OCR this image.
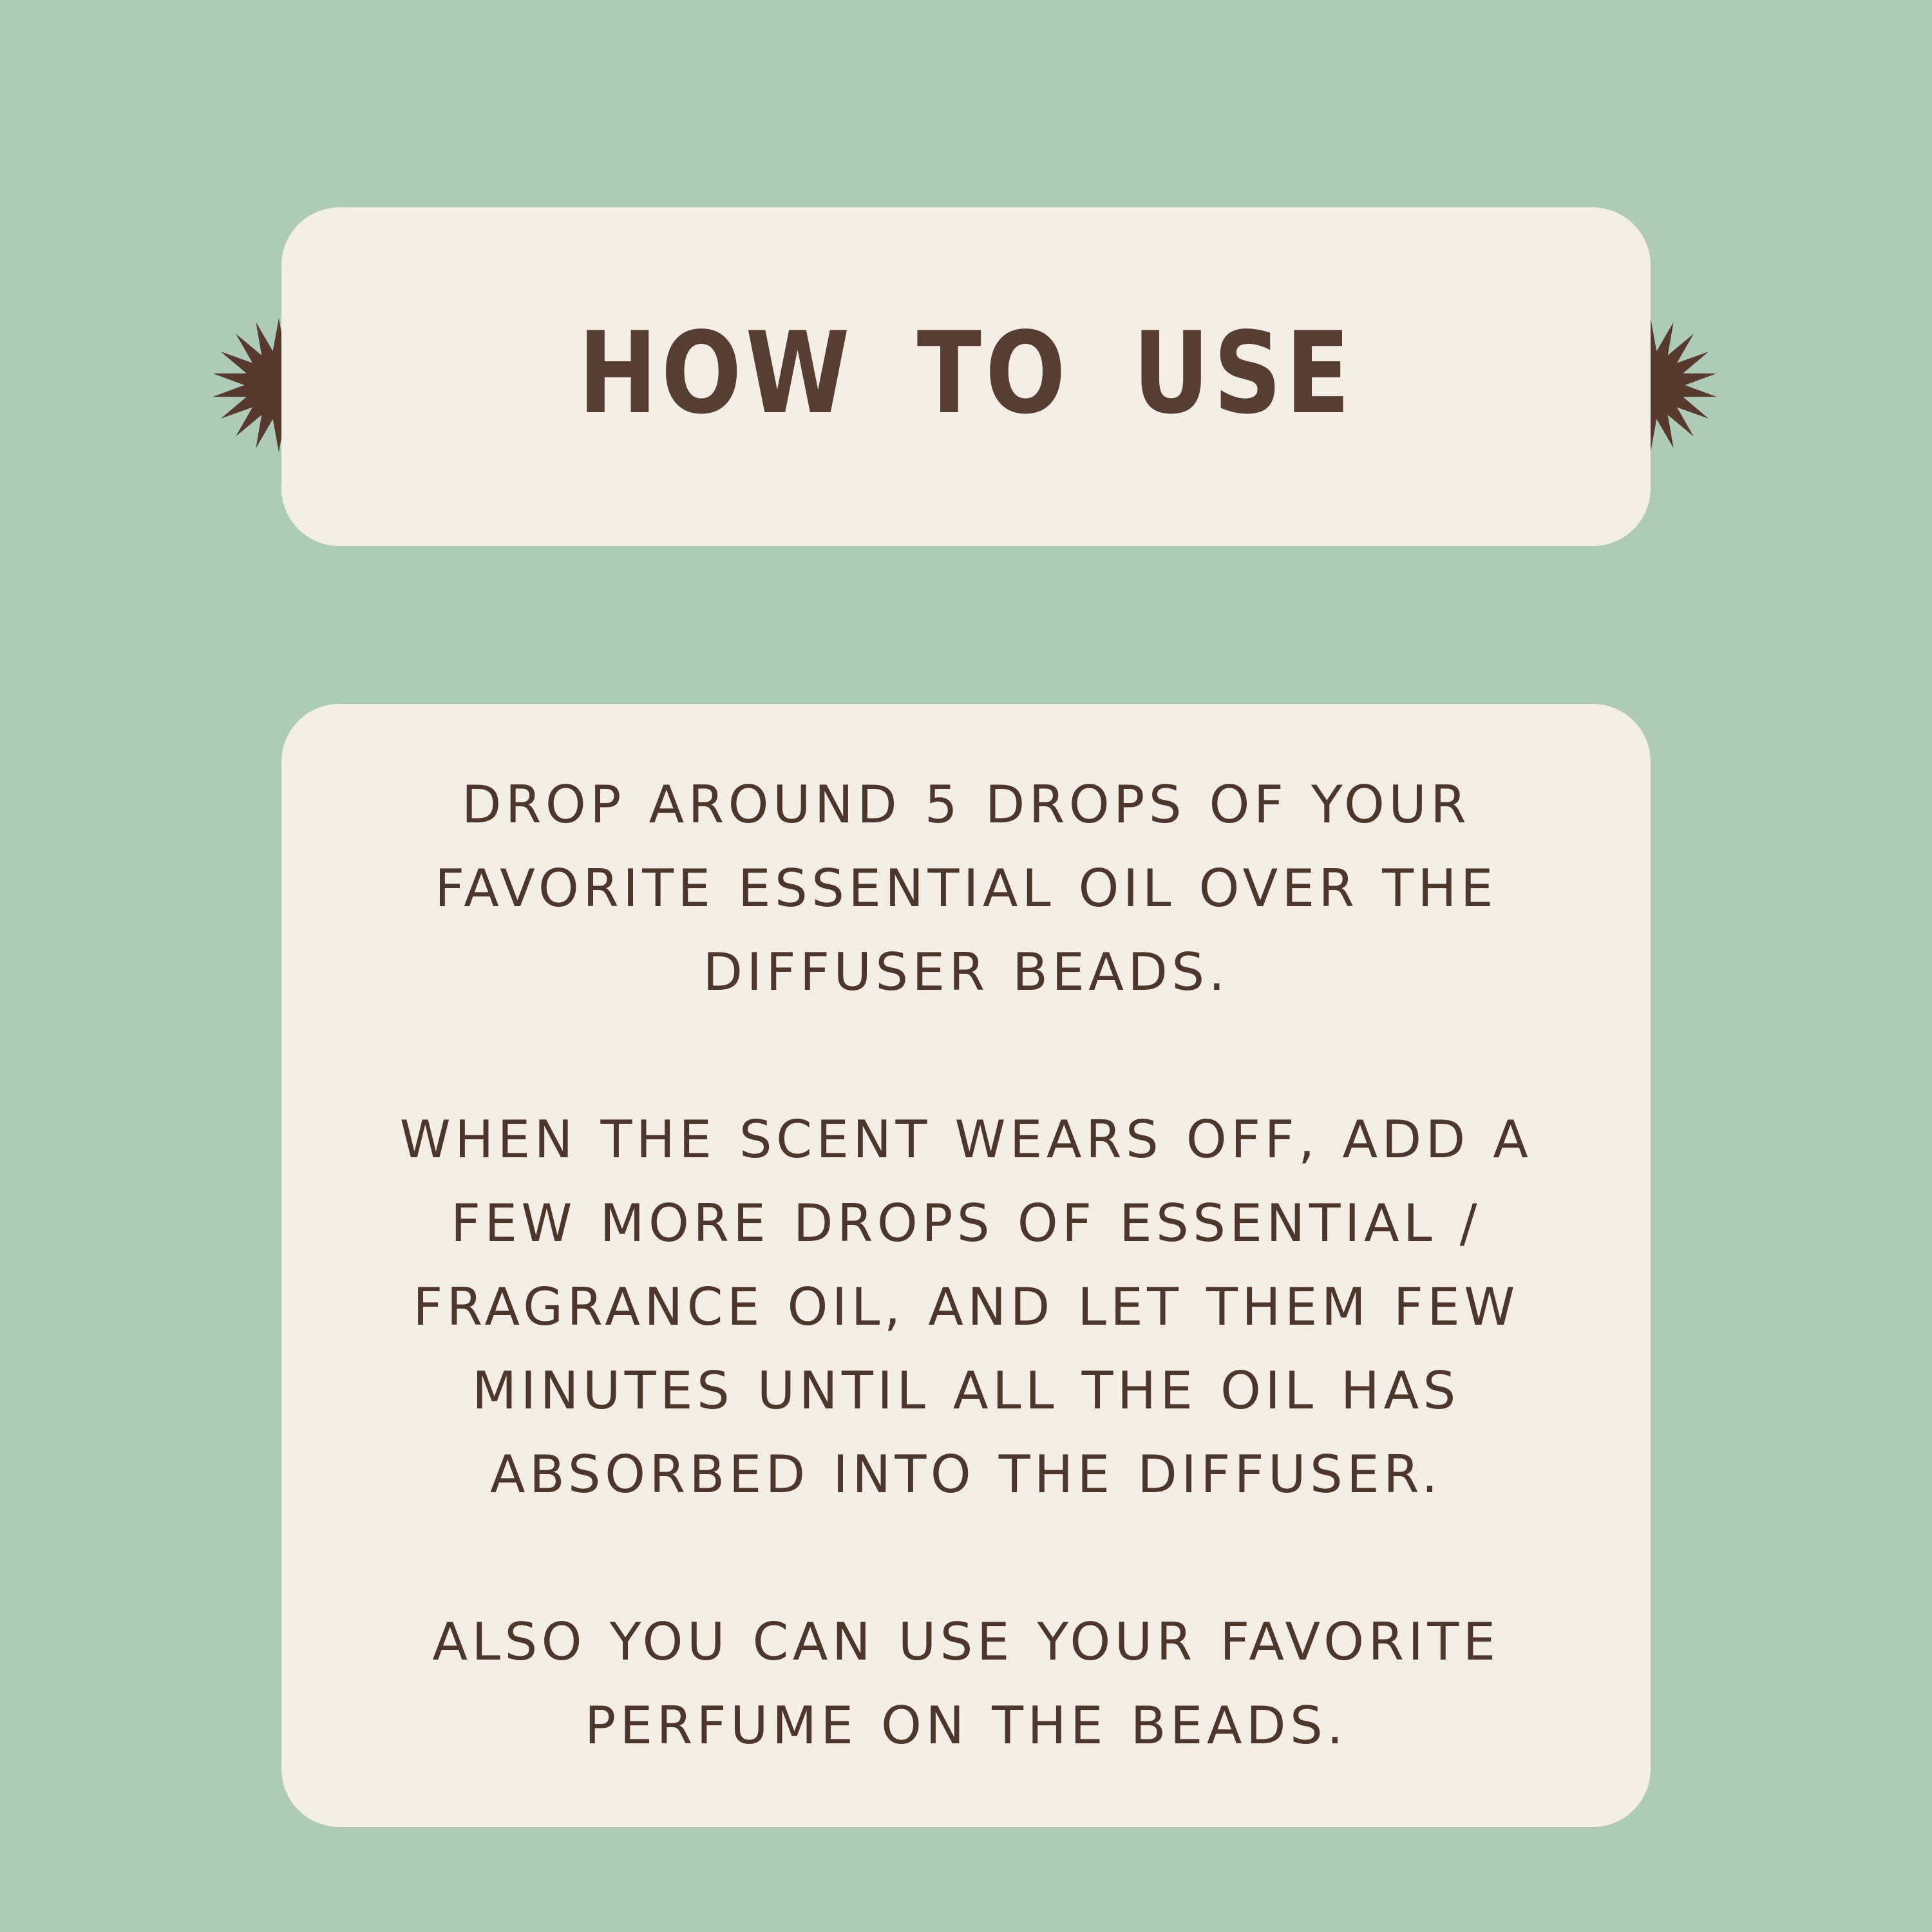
HOW TO USE
DROP AROUND 5 DROPS OF YOUR
FAVORITE ESSENTIAL OIL OVER THE
DIFFUSER BEADS.
WHEN THE SCENT WEARS OFF, ADD A
FEW MORE DROPS OF ESSENTIAL /
FRAGRANCE OIL, AND LET THEM FEW
MINUTES UNTIL ALL THE OIL HAS
ABSORBED INTO THE DIFFUSER.
ALSO YOU CAN USE YOUR FAVORITE
PERFUME ON THE BEADS.
